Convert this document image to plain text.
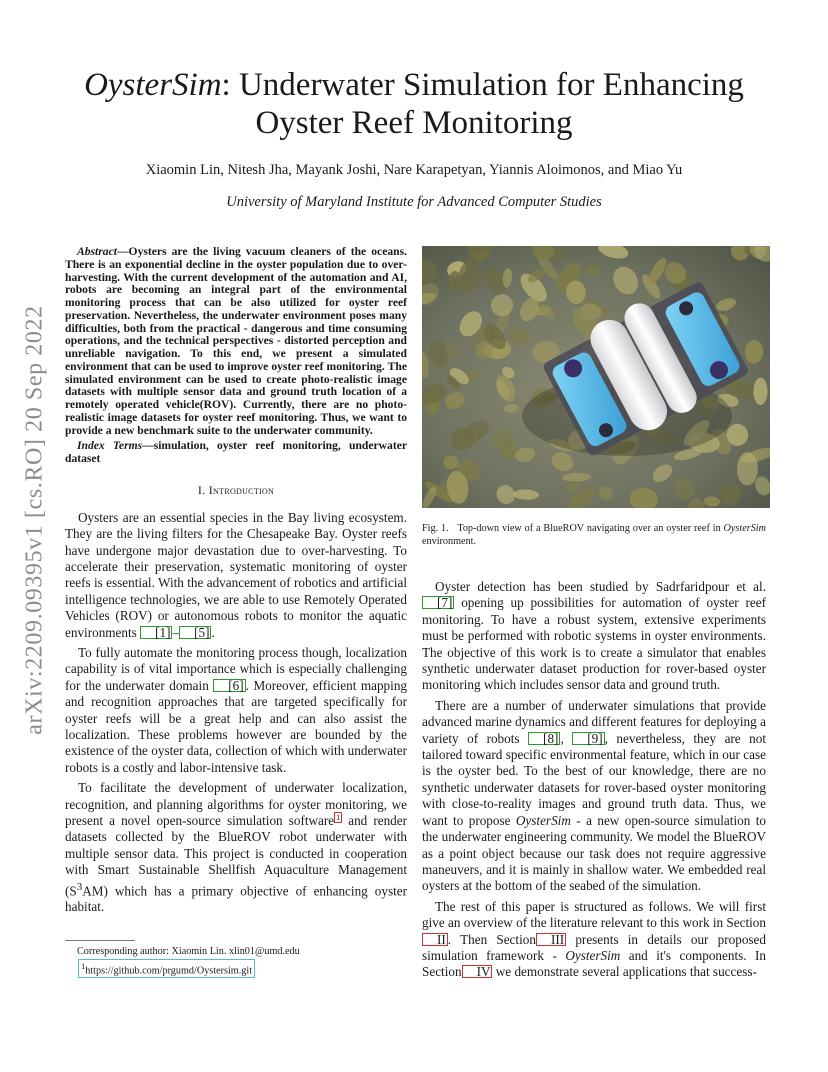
arXiv:2209.09395v1 [cs.RO] 20 Sep 2022
OysterSim: Underwater Simulation for Enhancing Oyster Reef Monitoring
Xiaomin Lin, Nitesh Jha, Mayank Joshi, Nare Karapetyan, Yiannis Aloimonos, and Miao Yu
University of Maryland Institute for Advanced Computer Studies

Abstract—Oysters are the living vacuum cleaners of the oceans. There is an exponential decline in the oyster population due to over-harvesting. With the current development of the automation and AI, robots are becoming an integral part of the environmental monitoring process that can be also utilized for oyster reef preservation. Nevertheless, the underwater environment poses many difficulties, both from the practical - dangerous and time consuming operations, and the technical perspectives - distorted perception and unreliable navigation. To this end, we present a simulated environment that can be used to improve oyster reef monitoring. The simulated environment can be used to create photo-realistic image datasets with multiple sensor data and ground truth location of a remotely operated vehicle(ROV). Currently, there are no photo-realistic image datasets for oyster reef monitoring. Thus, we want to provide a new benchmark suite to the underwater community.

Index Terms—simulation, oyster reef monitoring, underwater dataset

I. Introduction

Oysters are an essential species in the Bay living ecosystem. They are the living filters for the Chesapeake Bay. Oyster reefs have undergone major devastation due to over-harvesting. To accelerate their preservation, systematic monitoring of oyster reefs is essential. With the advancement of robotics and artificial intelligence technologies, we are able to use Remotely Operated Vehicles (ROV) or autonomous robots to monitor the aquatic environments [1] – [5] .

To fully automate the monitoring process though, localization capability is of vital importance which is especially challenging for the underwater domain [6] . Moreover, efficient mapping and recognition approaches that are targeted specifically for oyster reefs will be a great help and can also assist the localization. These problems however are bounded by the existence of the oyster data, collection of which with underwater robots is a costly and labor-intensive task.

To facilitate the development of underwater localization, recognition, and planning algorithms for oyster monitoring, we present a novel open-source simulation software $^1$ and render datasets collected by the BlueROV robot underwater with multiple sensor data. This project is conducted in cooperation with Smart Sustainable Shellfish Aquaculture Management $(S^3AM)$ which has a primary objective of enhancing oyster habitat.

Corresponding author: Xiaomin Lin. xlin01@umd.edu
$^1$https://github.com/prgumd/Oystersim.git
Fig. 1. Top-down view of a BlueROV navigating over an oyster reef in OysterSim environment.

Oyster detection has been studied by Sadrfaridpour et al. [7] opening up possibilities for automation of oyster reef monitoring. To have a robust system, extensive experiments must be performed with robotic systems in oyster environments. The objective of this work is to create a simulator that enables synthetic underwater dataset production for rover-based oyster monitoring which includes sensor data and ground truth.

There are a number of underwater simulations that provide advanced marine dynamics and different features for deploying a variety of robots [8] , [9] , nevertheless, they are not tailored toward specific environmental feature, which in our case is the oyster bed. To the best of our knowledge, there are no synthetic underwater datasets for rover-based oyster monitoring with close-to-reality images and ground truth data. Thus, we want to propose OysterSim - a new open-source simulation to the underwater engineering community. We model the BlueROV as a point object because our task does not require aggressive maneuvers, and it is mainly in shallow water. We embedded real oysters at the bottom of the seabed of the simulation.

The rest of this paper is structured as follows. We will first give an overview of the literature relevant to this work in SectionII . Then Section III presents in details our proposed simulation framework - OysterSim and it's components. In Section IV we demonstrate several applications that success-
